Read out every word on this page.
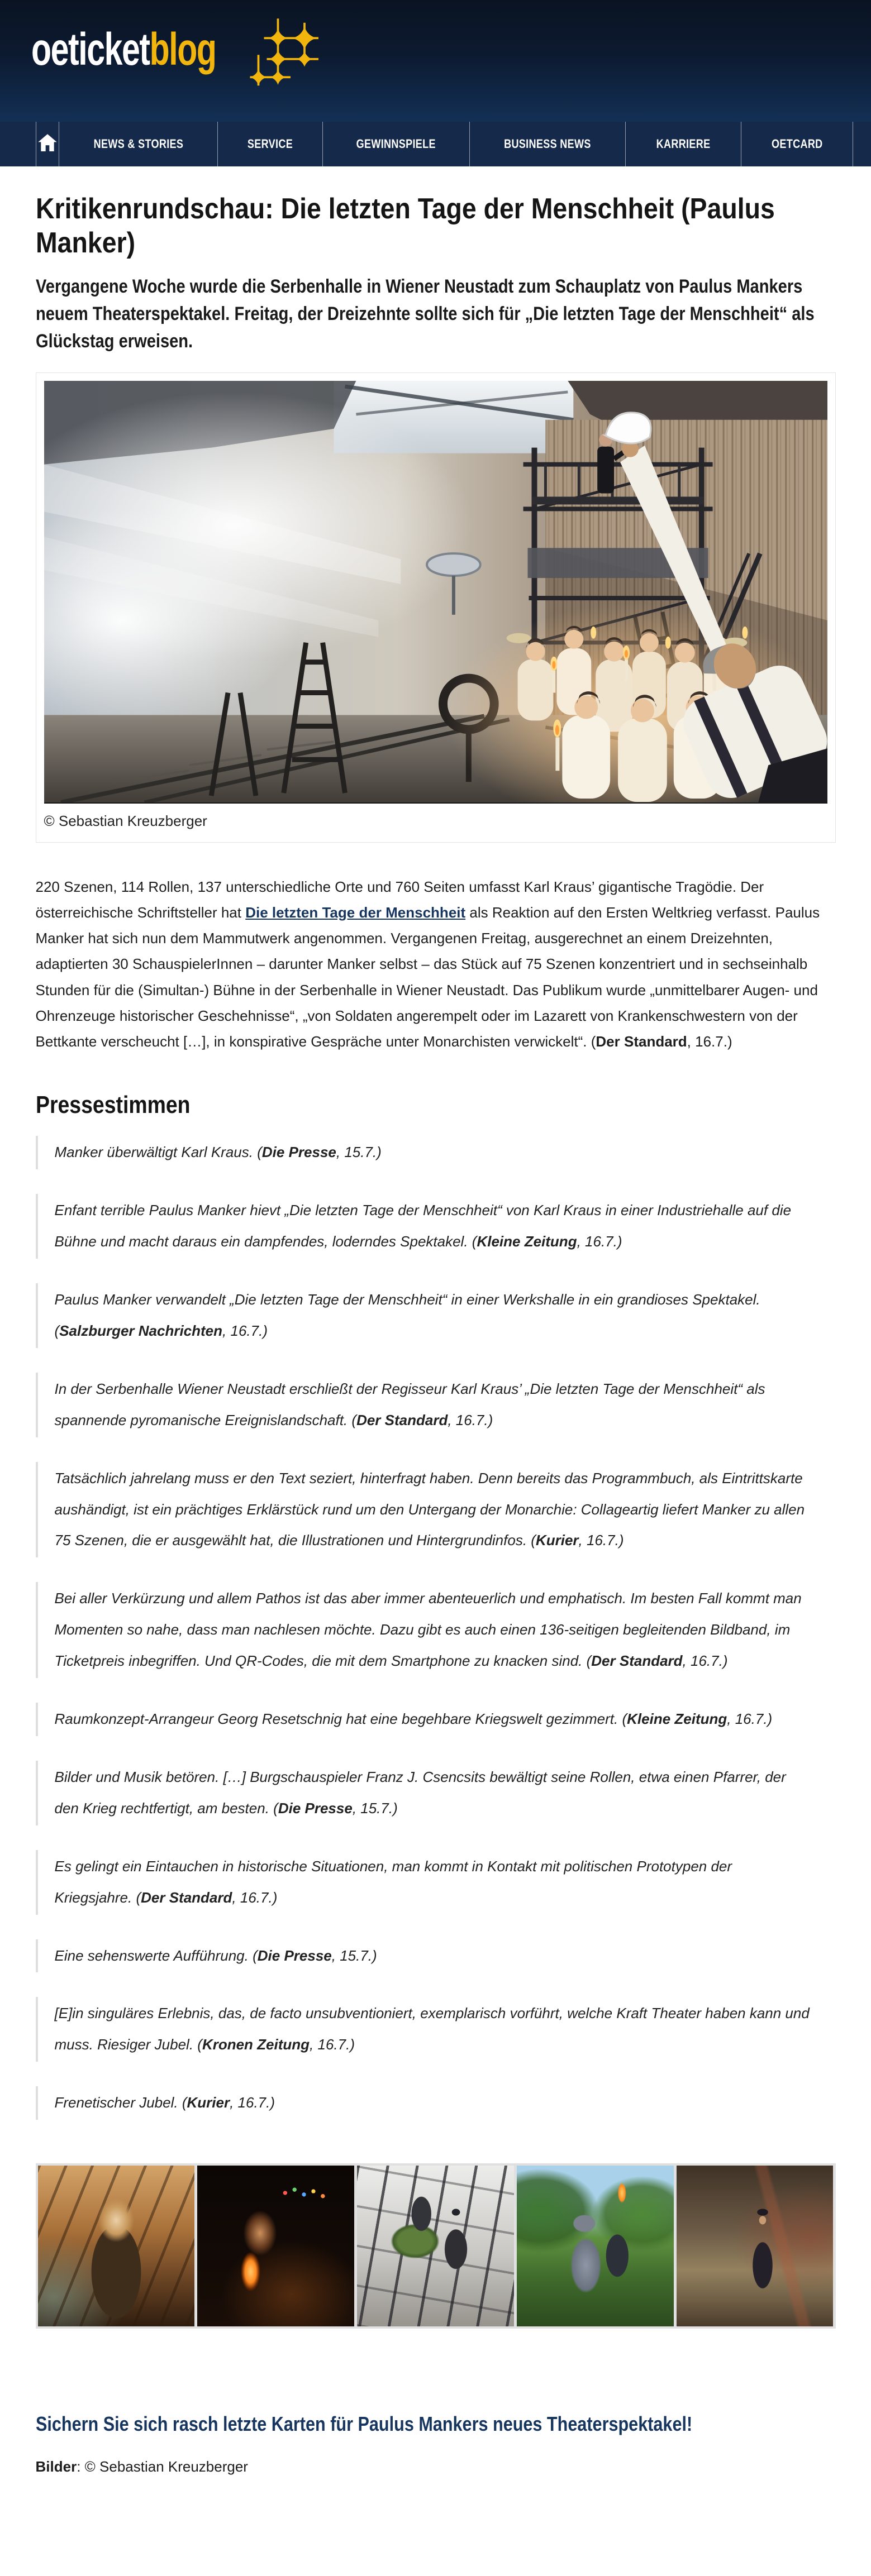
oeticketblog
NEWS & STORIES	SERVICE	GEWINNSPIELE	BUSINESS NEWS	KARRIERE	OETCARD
Kritikenrundschau: Die letzten Tage der Menschheit (Paulus Manker)
Vergangene Woche wurde die Serbenhalle in Wiener Neustadt zum Schauplatz von Paulus Mankers neuem Theaterspektakel. Freitag, der Dreizehnte sollte sich für „Die letzten Tage der Menschheit“ als Glückstag erweisen.
© Sebastian Kreuzberger

220 Szenen, 114 Rollen, 137 unterschiedliche Orte und 760 Seiten umfasst Karl Kraus’ gigantische Tragödie. Der österreichische Schriftsteller hat Die letzten Tage der Menschheit als Reaktion auf den Ersten Weltkrieg verfasst. Paulus Manker hat sich nun dem Mammutwerk angenommen. Vergangenen Freitag, ausgerechnet an einem Dreizehnten, adaptierten 30 SchauspielerInnen – darunter Manker selbst – das Stück auf 75 Szenen konzentriert und in sechseinhalb Stunden für die (Simultan-) Bühne in der Serbenhalle in Wiener Neustadt. Das Publikum wurde „unmittelbarer Augen- und Ohrenzeuge historischer Geschehnisse“, „von Soldaten angerempelt oder im Lazarett von Krankenschwestern von der Bettkante verscheucht […], in konspirative Gespräche unter Monarchisten verwickelt“. (Der Standard, 16.7.)

Pressestimmen
Manker überwältigt Karl Kraus. (Die Presse, 15.7.)
Enfant terrible Paulus Manker hievt „Die letzten Tage der Menschheit“ von Karl Kraus in einer Industriehalle auf die Bühne und macht daraus ein dampfendes, loderndes Spektakel. (Kleine Zeitung, 16.7.)
Paulus Manker verwandelt „Die letzten Tage der Menschheit“ in einer Werkshalle in ein grandioses Spektakel. (Salzburger Nachrichten, 16.7.)
In der Serbenhalle Wiener Neustadt erschließt der Regisseur Karl Kraus’ „Die letzten Tage der Menschheit“ als spannende pyromanische Ereignislandschaft. (Der Standard, 16.7.)
Tatsächlich jahrelang muss er den Text seziert, hinterfragt haben. Denn bereits das Programmbuch, als Eintrittskarte aushändigt, ist ein prächtiges Erklärstück rund um den Untergang der Monarchie: Collageartig liefert Manker zu allen 75 Szenen, die er ausgewählt hat, die Illustrationen und Hintergrundinfos. (Kurier, 16.7.)
Bei aller Verkürzung und allem Pathos ist das aber immer abenteuerlich und emphatisch. Im besten Fall kommt man Momenten so nahe, dass man nachlesen möchte. Dazu gibt es auch einen 136-seitigen begleitenden Bildband, im Ticketpreis inbegriffen. Und QR-Codes, die mit dem Smartphone zu knacken sind. (Der Standard, 16.7.)
Raumkonzept-Arrangeur Georg Resetschnig hat eine begehbare Kriegswelt gezimmert. (Kleine Zeitung, 16.7.)
Bilder und Musik betören. […] Burgschauspieler Franz J. Csencsits bewältigt seine Rollen, etwa einen Pfarrer, der den Krieg rechtfertigt, am besten. (Die Presse, 15.7.)
Es gelingt ein Eintauchen in historische Situationen, man kommt in Kontakt mit politischen Prototypen der Kriegsjahre. (Der Standard, 16.7.)
Eine sehenswerte Aufführung. (Die Presse, 15.7.)
[E]in singuläres Erlebnis, das, de facto unsubventioniert, exemplarisch vorführt, welche Kraft Theater haben kann und muss. Riesiger Jubel. (Kronen Zeitung, 16.7.)
Frenetischer Jubel. (Kurier, 16.7.)
Sichern Sie sich rasch letzte Karten für Paulus Mankers neues Theaterspektakel!

Bilder: © Sebastian Kreuzberger
